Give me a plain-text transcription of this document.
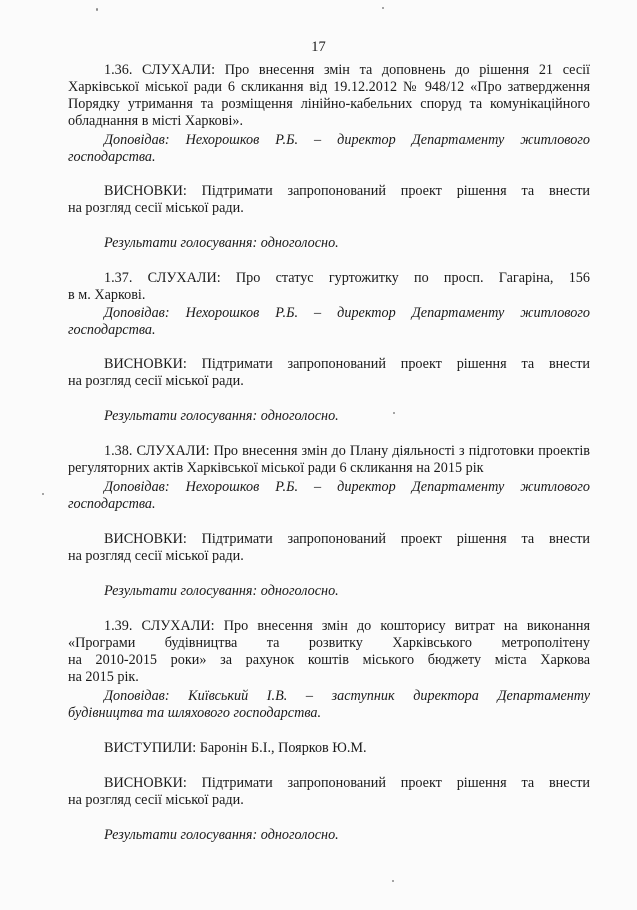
17
1.36. СЛУХАЛИ: Про внесення змін та доповнень до рішення 21 сесії
Харківської міської ради 6 скликання від 19.12.2012 № 948/12 «Про затвердження
Порядку утримання та розміщення лінійно-кабельних споруд та комунікаційного
обладнання в місті Харкові».
Доповідав: Нехорошков Р.Б. – директор Департаменту житлового
господарства.
ВИСНОВКИ: Підтримати запропонований проект рішення та внести
на розгляд сесії міської ради.
Результати голосування: одноголосно.
1.37. СЛУХАЛИ: Про статус гуртожитку по просп. Гагаріна, 156
в м. Харкові.
Доповідав: Нехорошков Р.Б. – директор Департаменту житлового
господарства.
ВИСНОВКИ: Підтримати запропонований проект рішення та внести
на розгляд сесії міської ради.
Результати голосування: одноголосно.
1.38. СЛУХАЛИ: Про внесення змін до Плану діяльності з підготовки проектів
регуляторних актів Харківської міської ради 6 скликання на 2015 рік
Доповідав: Нехорошков Р.Б. – директор Департаменту житлового
господарства.
ВИСНОВКИ: Підтримати запропонований проект рішення та внести
на розгляд сесії міської ради.
Результати голосування: одноголосно.
1.39. СЛУХАЛИ: Про внесення змін до кошторису витрат на виконання
«Програми будівництва та розвитку Харківського метрополітену
на 2010-2015 роки» за рахунок коштів міського бюджету міста Харкова
на 2015 рік.
Доповідав: Київський І.В. – заступник директора Департаменту
будівництва та шляхового господарства.
ВИСТУПИЛИ: Баронін Б.І., Поярков Ю.М.
ВИСНОВКИ: Підтримати запропонований проект рішення та внести
на розгляд сесії міської ради.
Результати голосування: одноголосно.
